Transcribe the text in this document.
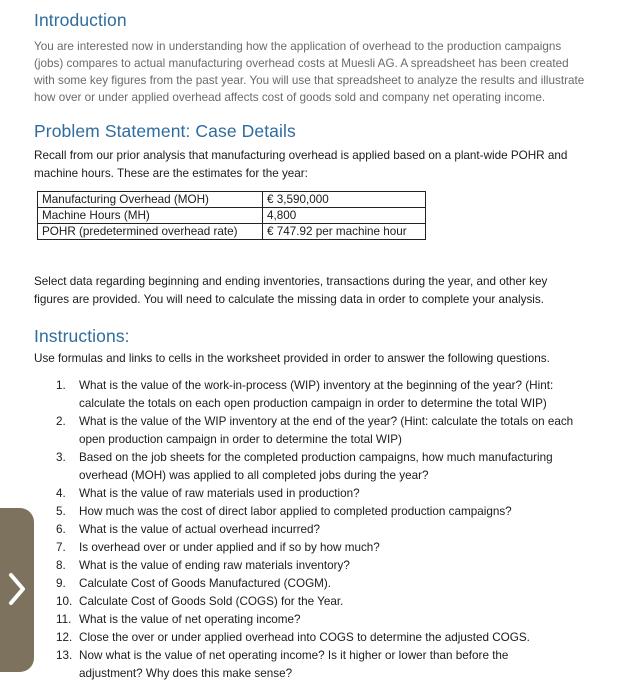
Introduction
You are interested now in understanding how the application of overhead to the production campaigns
(jobs) compares to actual manufacturing overhead costs at Muesli AG. A spreadsheet has been created
with some key figures from the past year. You will use that spreadsheet to analyze the results and illustrate
how over or under applied overhead affects cost of goods sold and company net operating income.
Problem Statement: Case Details
Recall from our prior analysis that manufacturing overhead is applied based on a plant-wide POHR and
machine hours. These are the estimates for the year:
Manufacturing Overhead (MOH)	€ 3,590,000
Machine Hours (MH)	4,800
POHR (predetermined overhead rate)	€ 747.92 per machine hour
Select data regarding beginning and ending inventories, transactions during the year, and other key
figures are provided. You will need to calculate the missing data in order to complete your analysis.
Instructions:
Use formulas and links to cells in the worksheet provided in order to answer the following questions.
1.	What is the value of the work-in-process (WIP) inventory at the beginning of the year? (Hint:
calculate the totals on each open production campaign in order to determine the total WIP)
2.	What is the value of the WIP inventory at the end of the year? (Hint: calculate the totals on each
open production campaign in order to determine the total WIP)
3.	Based on the job sheets for the completed production campaigns, how much manufacturing
overhead (MOH) was applied to all completed jobs during the year?
4.	What is the value of raw materials used in production?
5.	How much was the cost of direct labor applied to completed production campaigns?
6.	What is the value of actual overhead incurred?
7.	Is overhead over or under applied and if so by how much?
8.	What is the value of ending raw materials inventory?
9.	Calculate Cost of Goods Manufactured (COGM).
10. Calculate Cost of Goods Sold (COGS) for the Year.
11. What is the value of net operating income?
12. Close the over or under applied overhead into COGS to determine the adjusted COGS.
13. Now what is the value of net operating income? Is it higher or lower than before the
adjustment? Why does this make sense?
